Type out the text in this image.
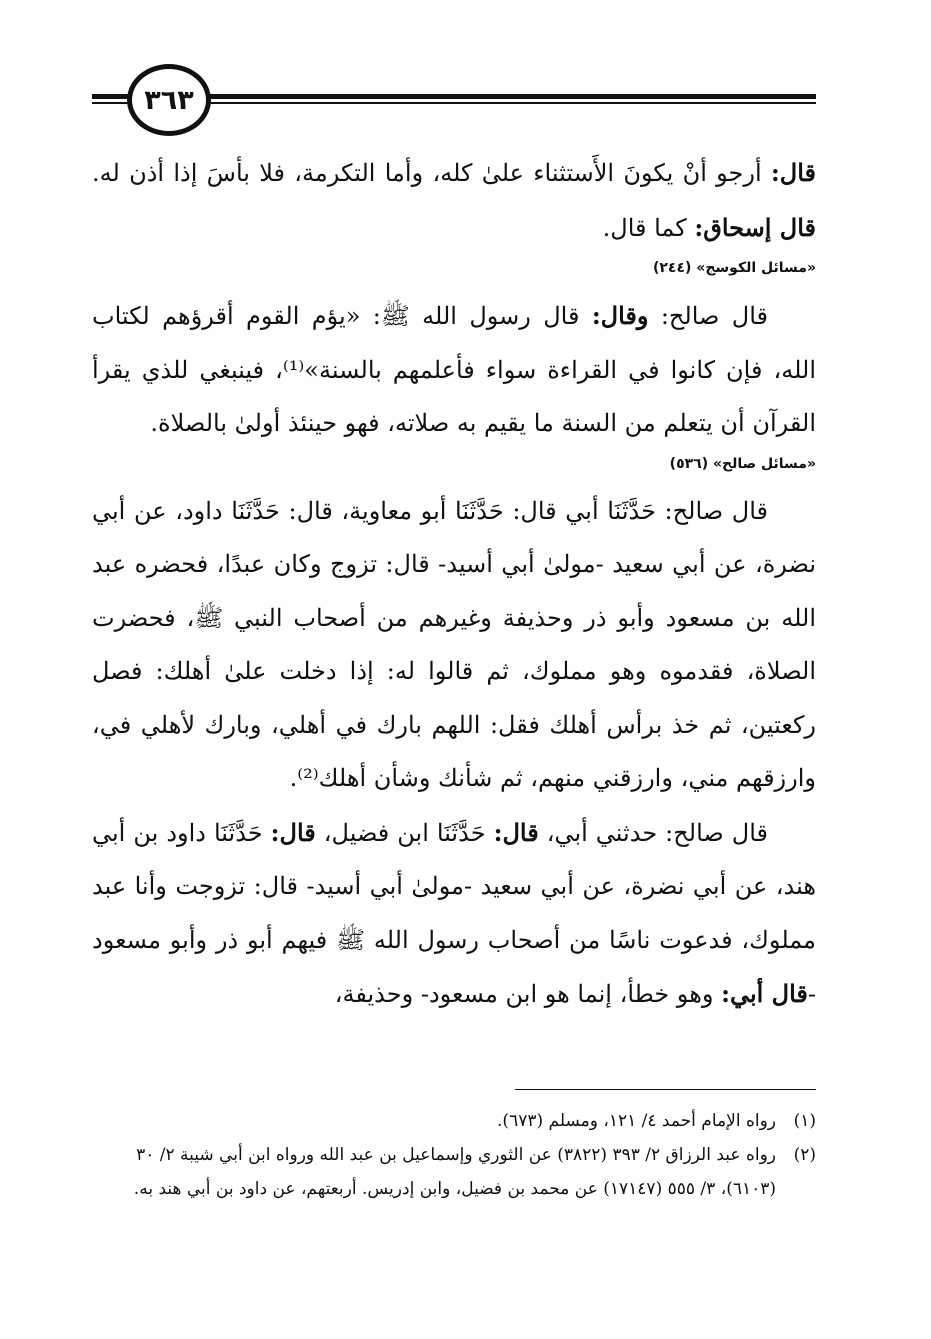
٣٦٣

قال: أرجو أنْ يكونَ الأَستثناء علىٰ كله، وأما التكرمة، فلا بأسَ إذا أذن له. قال إسحاق: كما قال.

«مسائل الكوسج» (٢٤٤)

قال صالح: وقال: قال رسول الله ﷺ: «يؤم القوم أقرؤهم لكتاب الله، فإن كانوا في القراءة سواء فأعلمهم بالسنة»⁽¹⁾، فينبغي للذي يقرأ القرآن أن يتعلم من السنة ما يقيم به صلاته، فهو حينئذ أولىٰ بالصلاة.

«مسائل صالح» (٥٣٦)

قال صالح: حَدَّثَنَا أبي قال: حَدَّثَنَا أبو معاوية، قال: حَدَّثَنَا داود، عن أبي نضرة، عن أبي سعيد -مولىٰ أبي أسيد- قال: تزوج وكان عبدًا، فحضره عبد الله بن مسعود وأبو ذر وحذيفة وغيرهم من أصحاب النبي ﷺ، فحضرت الصلاة، فقدموه وهو مملوك، ثم قالوا له: إذا دخلت علىٰ أهلك: فصل ركعتين، ثم خذ برأس أهلك فقل: اللهم بارك في أهلي، وبارك لأهلي في، وارزقهم مني، وارزقني منهم، ثم شأنك وشأن أهلك⁽²⁾.

قال صالح: حدثني أبي، قال: حَدَّثَنَا ابن فضيل، قال: حَدَّثَنَا داود بن أبي هند، عن أبي نضرة، عن أبي سعيد -مولىٰ أبي أسيد- قال: تزوجت وأنا عبد مملوك، فدعوت ناسًا من أصحاب رسول الله ﷺ فيهم أبو ذر وأبو مسعود -قال أبي: وهو خطأ، إنما هو ابن مسعود- وحذيفة،

(١)
رواه الإمام أحمد ٤/ ١٢١، ومسلم (٦٧٣).
(٢)
رواه عبد الرزاق ٢/ ٣٩٣ (٣٨٢٢) عن الثوري وإسماعيل بن عبد الله ورواه ابن أبي شيبة ٢/ ٣٠ (٦١٠٣)، ٣/ ٥٥٥ (١٧١٤٧) عن محمد بن فضيل، وابن إدريس. أربعتهم، عن داود بن أبي هند به.
